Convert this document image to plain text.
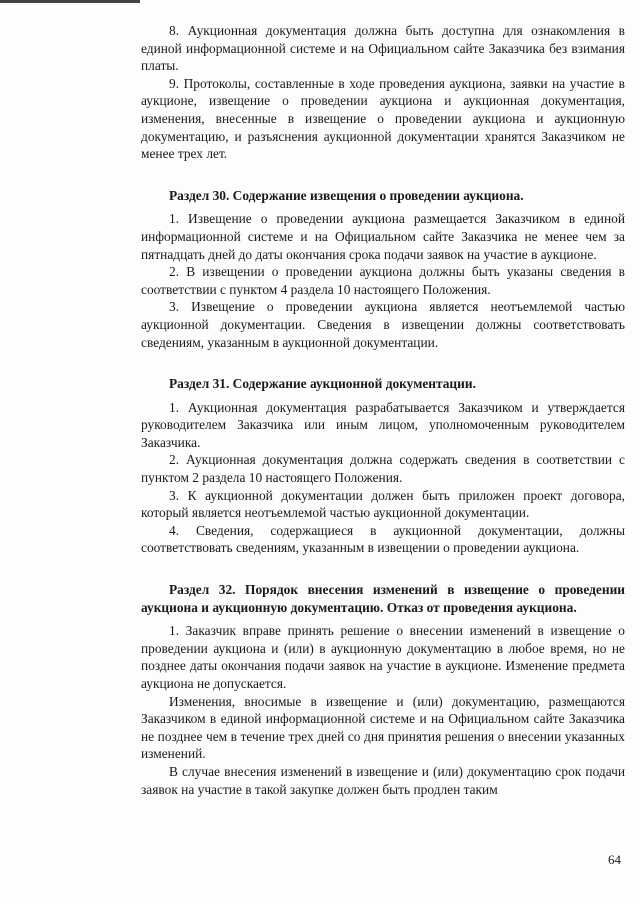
8. Аукционная документация должна быть доступна для ознакомления в единой информационной системе и на Официальном сайте Заказчика без взимания платы.

9. Протоколы, составленные в ходе проведения аукциона, заявки на участие в аукционе, извещение о проведении аукциона и аукционная документация, изменения, внесенные в извещение о проведении аукциона и аукционную документацию, и разъяснения аукционной документации хранятся Заказчиком не менее трех лет.

Раздел 30. Содержание извещения о проведении аукциона.

1. Извещение о проведении аукциона размещается Заказчиком в единой информационной системе и на Официальном сайте Заказчика не менее чем за пятнадцать дней до даты окончания срока подачи заявок на участие в аукционе.

2. В извещении о проведении аукциона должны быть указаны сведения в соответствии с пунктом 4 раздела 10 настоящего Положения.

3. Извещение о проведении аукциона является неотъемлемой частью аукционной документации. Сведения в извещении должны соответствовать сведениям, указанным в аукционной документации.

Раздел 31. Содержание аукционной документации.

1. Аукционная документация разрабатывается Заказчиком и утверждается руководителем Заказчика или иным лицом, уполномоченным руководителем Заказчика.

2. Аукционная документация должна содержать сведения в соответствии с пунктом 2 раздела 10 настоящего Положения.

3. К аукционной документации должен быть приложен проект договора, который является неотъемлемой частью аукционной документации.

4. Сведения, содержащиеся в аукционной документации, должны соответствовать сведениям, указанным в извещении о проведении аукциона.

Раздел 32. Порядок внесения изменений в извещение о проведении аукциона и аукционную документацию. Отказ от проведения аукциона.

1. Заказчик вправе принять решение о внесении изменений в извещение о проведении аукциона и (или) в аукционную документацию в любое время, но не позднее даты окончания подачи заявок на участие в аукционе. Изменение предмета аукциона не допускается.

Изменения, вносимые в извещение и (или) документацию, размещаются Заказчиком в единой информационной системе и на Официальном сайте Заказчика не позднее чем в течение трех дней со дня принятия решения о внесении указанных изменений.

В случае внесения изменений в извещение и (или) документацию срок подачи заявок на участие в такой закупке должен быть продлен таким

64
